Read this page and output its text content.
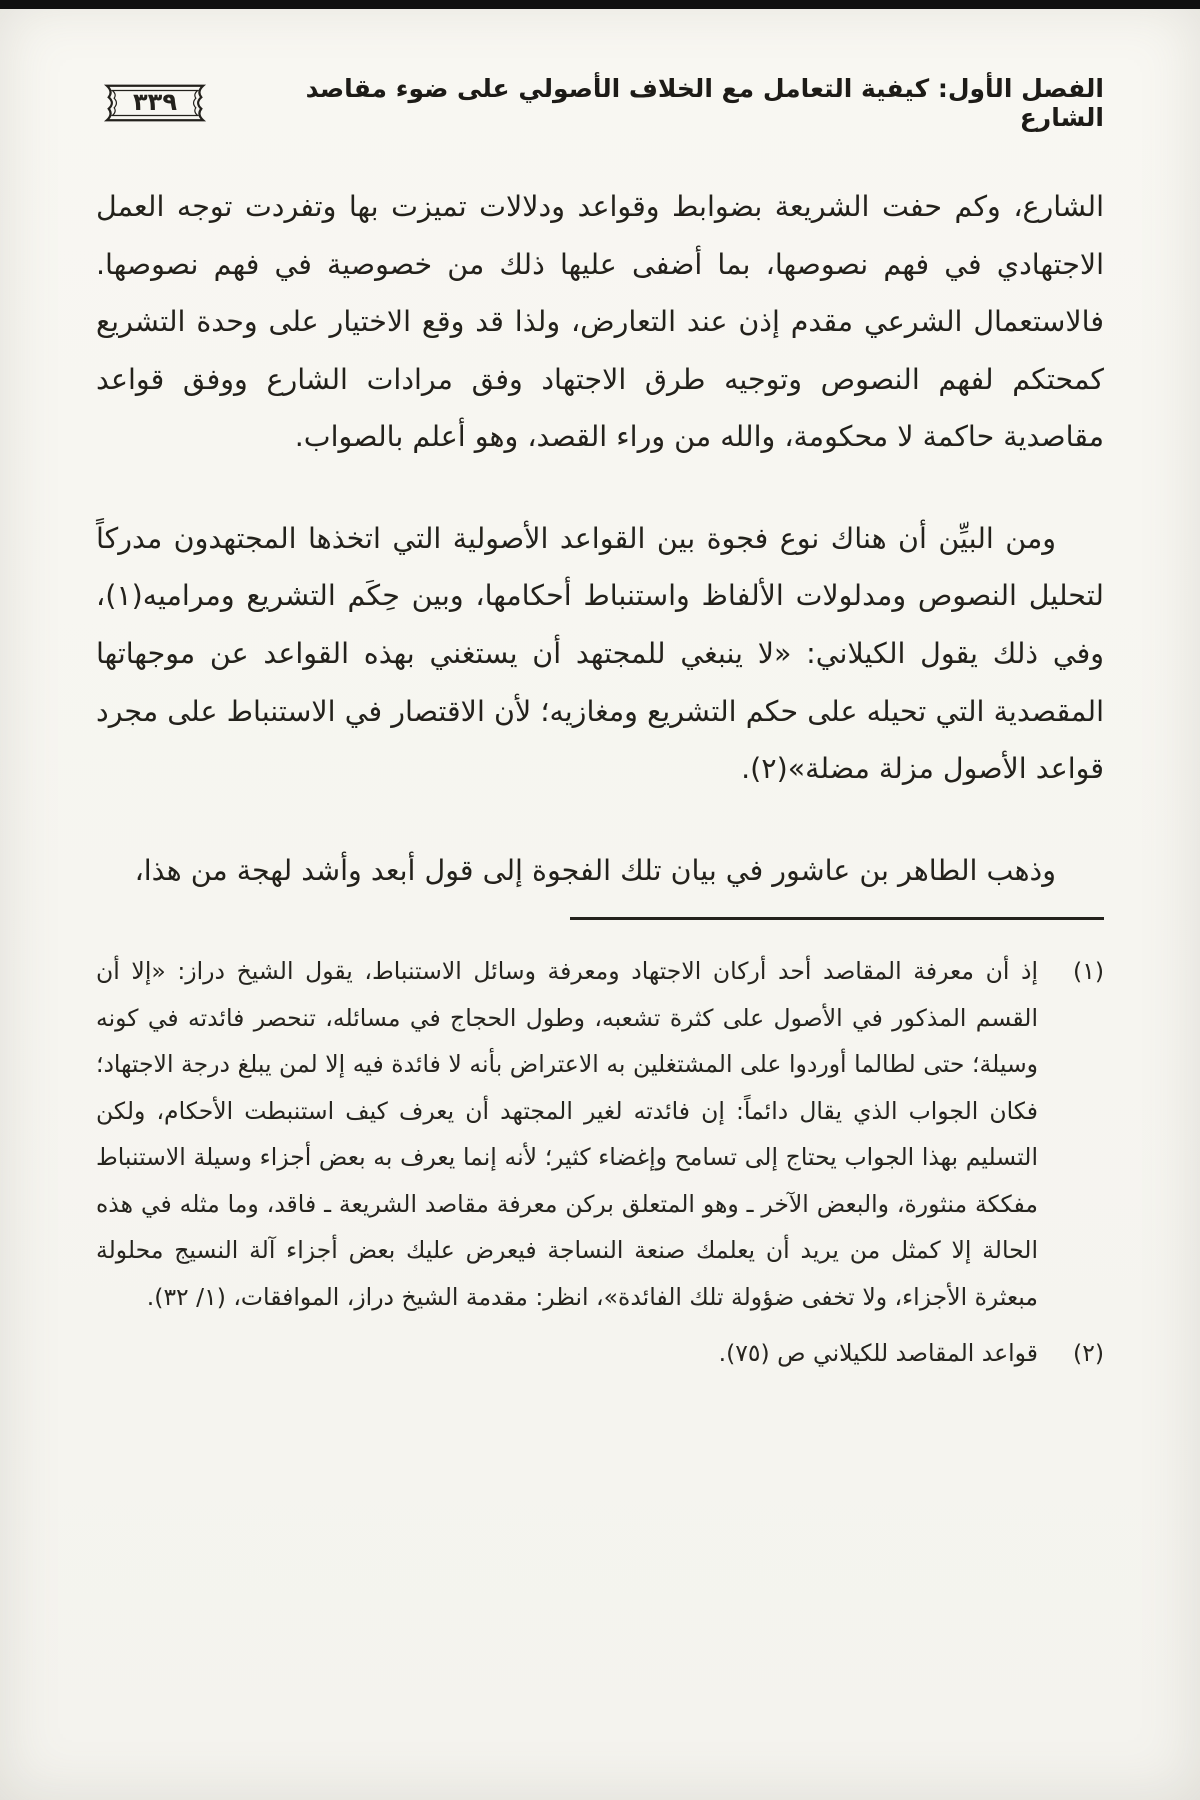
الفصل الأول: كيفية التعامل مع الخلاف الأصولي على ضوء مقاصد الشارع
٣٣٩

الشارع، وكم حفت الشريعة بضوابط وقواعد ودلالات تميزت بها وتفردت توجه العمل الاجتهادي في فهم نصوصها، بما أضفى عليها ذلك من خصوصية في فهم نصوصها. فالاستعمال الشرعي مقدم إذن عند التعارض، ولذا قد وقع الاختيار على وحدة التشريع كمحتكم لفهم النصوص وتوجيه طرق الاجتهاد وفق مرادات الشارع ووفق قواعد مقاصدية حاكمة لا محكومة، والله من وراء القصد، وهو أعلم بالصواب.

ومن البيِّن أن هناك نوع فجوة بين القواعد الأصولية التي اتخذها المجتهدون مدركاً لتحليل النصوص ومدلولات الألفاظ واستنباط أحكامها، وبين حِكَم التشريع ومراميه(١)، وفي ذلك يقول الكيلاني: «لا ينبغي للمجتهد أن يستغني بهذه القواعد عن موجهاتها المقصدية التي تحيله على حكم التشريع ومغازيه؛ لأن الاقتصار في الاستنباط على مجرد قواعد الأصول مزلة مضلة»(٢).

وذهب الطاهر بن عاشور في بيان تلك الفجوة إلى قول أبعد وأشد لهجة من هذا،

(١)
إذ أن معرفة المقاصد أحد أركان الاجتهاد ومعرفة وسائل الاستنباط، يقول الشيخ دراز: «إلا أن القسم المذكور في الأصول على كثرة تشعبه، وطول الحجاج في مسائله، تنحصر فائدته في كونه وسيلة؛ حتى لطالما أوردوا على المشتغلين به الاعتراض بأنه لا فائدة فيه إلا لمن يبلغ درجة الاجتهاد؛ فكان الجواب الذي يقال دائماً: إن فائدته لغير المجتهد أن يعرف كيف استنبطت الأحكام، ولكن التسليم بهذا الجواب يحتاج إلى تسامح وإغضاء كثير؛ لأنه إنما يعرف به بعض أجزاء وسيلة الاستنباط مفككة منثورة، والبعض الآخر ـ وهو المتعلق بركن معرفة مقاصد الشريعة ـ فاقد، وما مثله في هذه الحالة إلا كمثل من يريد أن يعلمك صنعة النساجة فيعرض عليك بعض أجزاء آلة النسيج محلولة مبعثرة الأجزاء، ولا تخفى ضؤولة تلك الفائدة»، انظر: مقدمة الشيخ دراز، الموافقات، (١/ ٣٢).
(٢)
قواعد المقاصد للكيلاني ص (٧٥).
